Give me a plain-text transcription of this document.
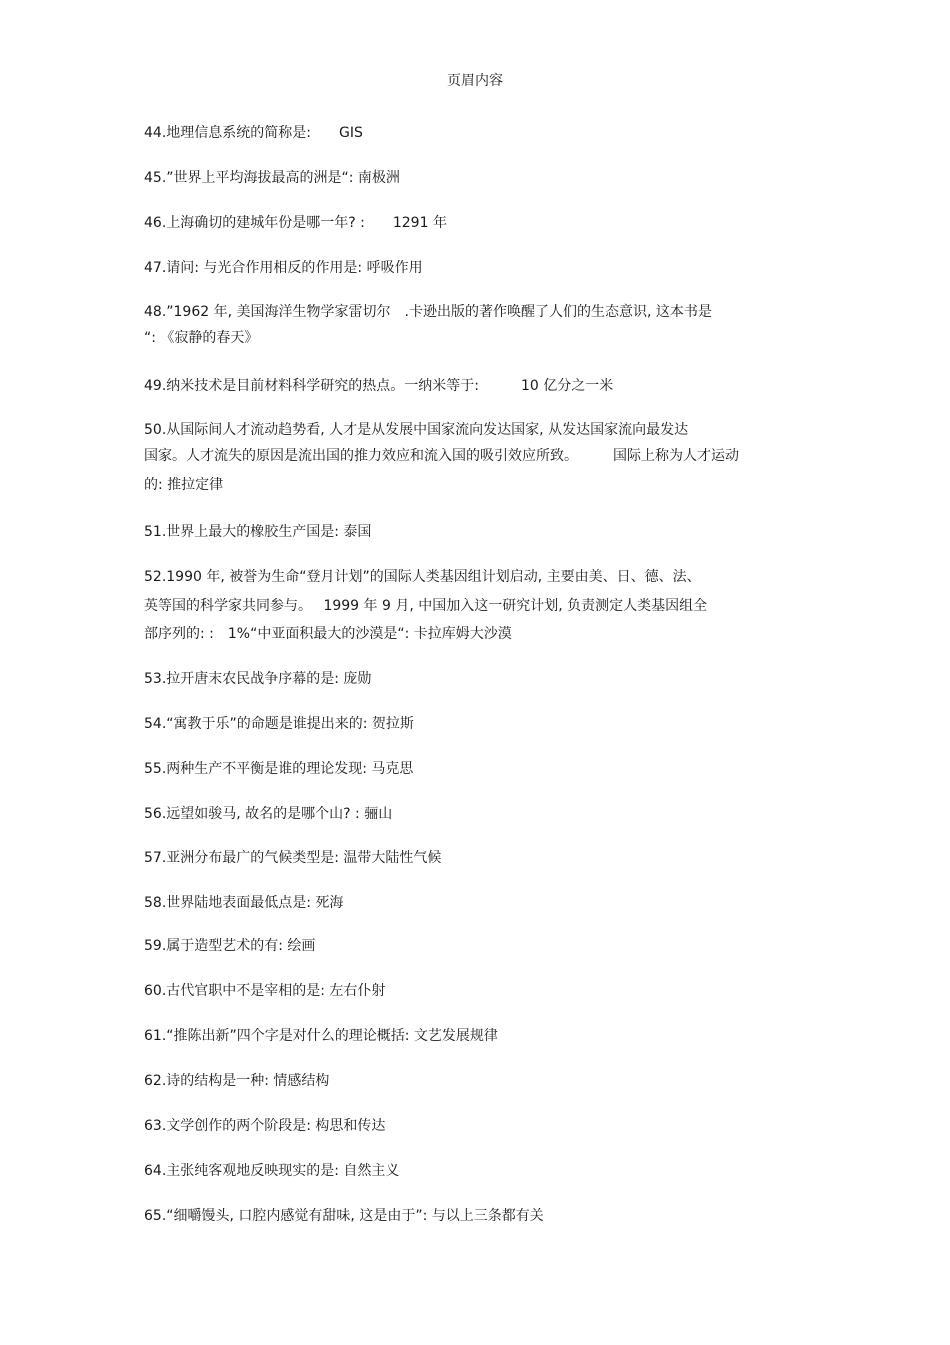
页眉内容
44.地理信息系统的简称是:　　GIS
45.”世界上平均海拔最高的洲是“: 南极洲
46.上海确切的建城年份是哪一年? :　　1291 年
47.请问: 与光合作用相反的作用是: 呼吸作用
48.”1962 年, 美国海洋生物学家雷切尔　.卡逊出版的著作唤醒了人们的生态意识, 这本书是
“: 《寂静的春天》
49.纳米技术是目前材料科学研究的热点。一纳米等于:　　　10 亿分之一米
50.从国际间人才流动趋势看, 人才是从发展中国家流向发达国家, 从发达国家流向最发达
国家。人才流失的原因是流出国的推力效应和流入国的吸引效应所致。　　　国际上称为人才运动
的: 推拉定律
51.世界上最大的橡胶生产国是: 泰国
52.1990 年, 被誉为生命“登月计划”的国际人类基因组计划启动, 主要由美、日、德、法、
英等国的科学家共同参与。　 1999 年 9 月, 中国加入这一研究计划, 负责测定人类基因组全
部序列的: :　1%“中亚面积最大的沙漠是“: 卡拉库姆大沙漠
53.拉开唐末农民战争序幕的是: 庞勋
54.“寓教于乐”的命题是谁提出来的: 贺拉斯
55.两种生产不平衡是谁的理论发现: 马克思
56.远望如骏马, 故名的是哪个山? : 骊山
57.亚洲分布最广的气候类型是: 温带大陆性气候
58.世界陆地表面最低点是: 死海
59.属于造型艺术的有: 绘画
60.古代官职中不是宰相的是: 左右仆射
61.“推陈出新”四个字是对什么的理论概括: 文艺发展规律
62.诗的结构是一种: 情感结构
63.文学创作的两个阶段是: 构思和传达
64.主张纯客观地反映现实的是: 自然主义
65.“细嚼馒头, 口腔内感觉有甜味, 这是由于”: 与以上三条都有关
